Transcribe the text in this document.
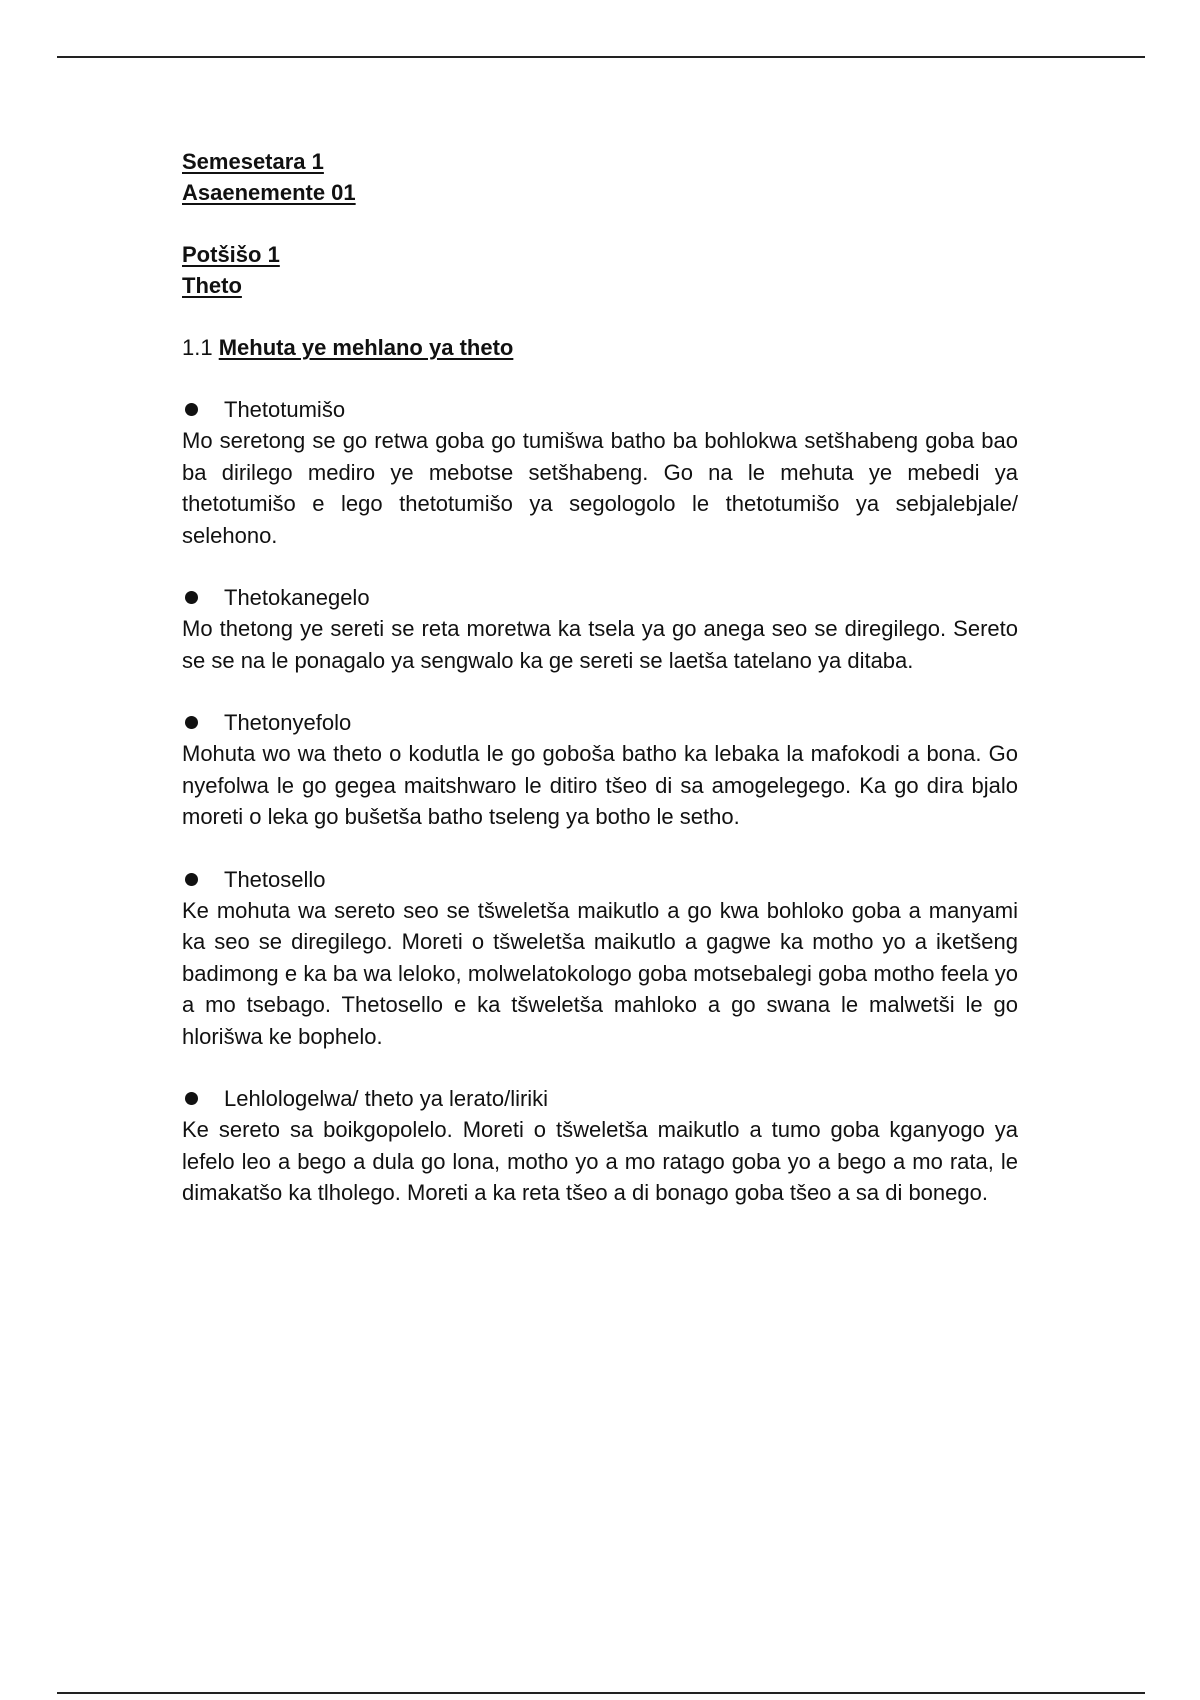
Semesetara 1
Asaenemente 01
Potšišo 1
Theto
1.1 Mehuta ye mehlano ya theto
Thetotumišo

Mo seretong se go retwa goba go tumišwa batho ba bohlokwa setšhabeng goba bao ba dirilego mediro ye mebotse setšhabeng. Go na le mehuta ye mebedi ya thetotumišo e lego thetotumišo ya segologolo le thetotumišo ya sebjalebjale/ selehono.

Thetokanegelo

Mo thetong ye sereti se reta moretwa ka tsela ya go anega seo se diregilego. Sereto se se na le ponagalo ya sengwalo ka ge sereti se laetša tatelano ya ditaba.

Thetonyefolo

Mohuta wo wa theto o kodutla le go gobošа batho ka lebaka la mafokodi a bona. Go nyefolwa le go gegea maitshwaro le ditiro tšeo di sa amogelegego. Ka go dira bjalo moreti o leka go bušetša batho tseleng ya botho le setho.

Thetosello

Ke mohuta wa sereto seo se tšweletša maikutlo a go kwa bohloko goba a manyami ka seo se diregilego. Moreti o tšweletša maikutlo a gagwe ka motho yo a iketšeng badimong e ka ba wa leloko, molwelatokologo goba motsebalegi goba motho feela yo a mo tsebago. Thetosello e ka tšweletša mahloko a go swana le malwetši le go hlorišwa ke bophelo.

Lehlologelwa/ theto ya lerato/liriki

Ke sereto sa boikgopolelo. Moreti o tšweletša maikutlo a tumo goba kganyogo ya lefelo leo a bego a dula go lona, motho yo a mo ratago goba yo a bego a mo rata, le dimakatšo ka tlholego. Moreti a ka reta tšeo a di bonago goba tšeo a sa di bonego.
